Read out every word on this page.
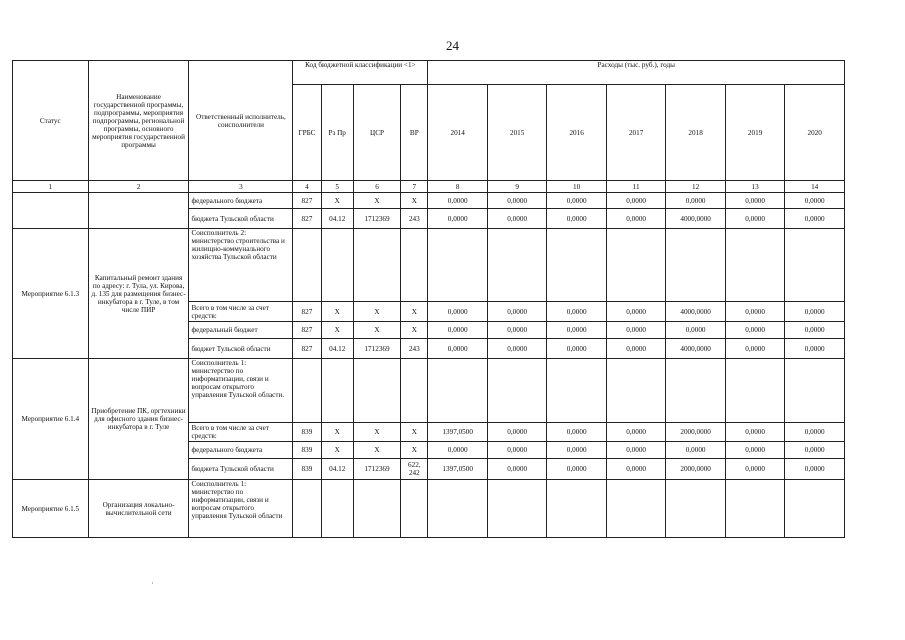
24
Статус	Наименование государственной программы, подпрограммы, мероприятия подпрограммы, региональной программы, основного мероприятия государственной программы	Ответственный исполнитель, соисполнители	Код бюджетной классификации <1>				Расходы (тыс. руб.), годы						
			ГРБС	Рз Пр	ЦСР	ВР	2014	2015	2016	2017	2018	2019	2020
1	2	3	4	5	6	7	8	9	10	11	12	13	14
		федерального бюджета	827	X	X	X	0,0000	0,0000	0,0000	0,0000	0,0000	0,0000	0,0000
		бюджета Тульской области	827	04.12	1712369	243	0,0000	0,0000	0,0000	0,0000	4000,0000	0,0000	0,0000
Мероприятие 6.1.3	Капитальный ремонт здания по адресу: г. Тула, ул. Кирова, д. 135 для размещения бизнес-инкубатора в г. Туле, в том числе ПИР	Соисполнитель 2: министерство строительства и жилищно-коммунального хозяйства Тульской области											
		Всего в том числе за счет средств:	827	X	X	X	0,0000	0,0000	0,0000	0,0000	4000,0000	0,0000	0,0000
		федеральный бюджет	827	X	X	X	0,0000	0,0000	0,0000	0,0000	0,0000	0,0000	0,0000
		бюджет Тульской области	827	04.12	1712369	243	0,0000	0,0000	0,0000	0,0000	4000,0000	0,0000	0,0000
Мероприятие 6.1.4	Приобретение ПК, оргтехники для офисного здания бизнес-инкубатора в г. Туле	Соисполнитель 1: министерство по информатизации, связи и вопросам открытого управления Тульской области.											
		Всего в том числе за счет средств:	839	X	X	X	1397,0500	0,0000	0,0000	0,0000	2000,0000	0,0000	0,0000
		федерального бюджета	839	X	X	X	0,0000	0,0000	0,0000	0,0000	0,0000	0,0000	0,0000
		бюджета Тульской области	839	04.12	1712369	622, 242	1397,0500	0,0000	0,0000	0,0000	2000,0000	0,0000	0,0000
Мероприятие 6.1.5	Организация локально-вычислительной сети	Соисполнитель 1: министерство по информатизации, связи и вопросам открытого управления Тульской области											
